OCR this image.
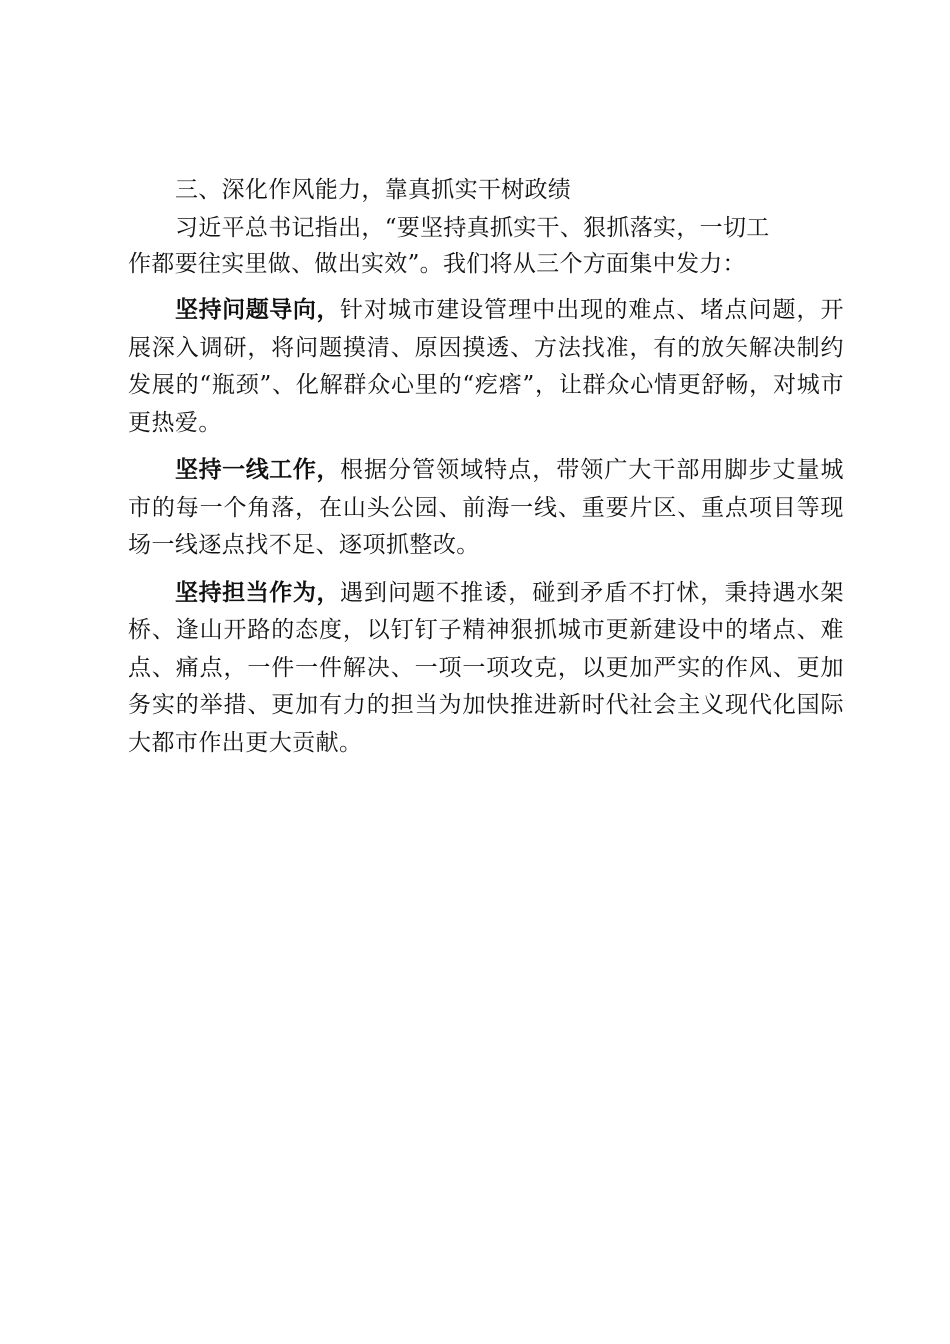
三、深化作风能力，靠真抓实干树政绩
习近平总书记指出，“要坚持真抓实干、狠抓落实，一切工
作都要往实里做、做出实效”。我们将从三个方面集中发力：

坚持问题导向，针对城市建设管理中出现的难点、堵点问题，开展深入调研，将问题摸清、原因摸透、方法找准，有的放矢解决制约发展的“瓶颈”、化解群众心里的“疙瘩”，让群众心情更舒畅，对城市更热爱。

坚持一线工作，根据分管领域特点，带领广大干部用脚步丈量城市的每一个角落，在山头公园、前海一线、重要片区、重点项目等现场一线逐点找不足、逐项抓整改。

坚持担当作为，遇到问题不推诿，碰到矛盾不打怵，秉持遇水架桥、逢山开路的态度，以钉钉子精神狠抓城市更新建设中的堵点、难点、痛点，一件一件解决、一项一项攻克，以更加严实的作风、更加务实的举措、更加有力的担当为加快推进新时代社会主义现代化国际大都市作出更大贡献。
